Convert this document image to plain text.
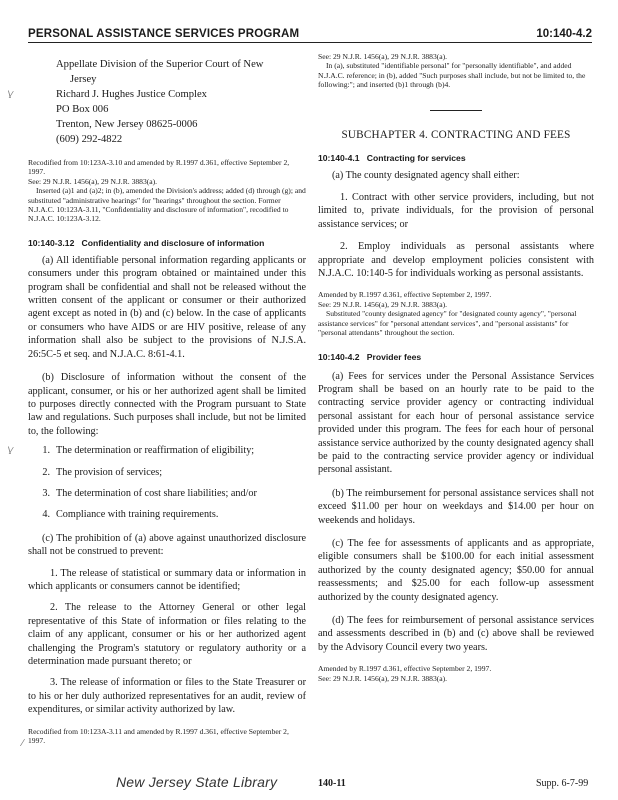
PERSONAL ASSISTANCE SERVICES PROGRAM	10:140-4.2

Appellate Division of the Superior Court of New

Jersey

Richard J. Hughes Justice Complex

PO Box 006

Trenton, New Jersey 08625-0006

(609) 292-4822

Recodified from 10:123A-3.10 and amended by R.1997 d.361, effective September 2, 1997.

See: 29 N.J.R. 1456(a), 29 N.J.R. 3883(a).

Inserted (a)1 and (a)2; in (b), amended the Division's address; added (d) through (g); and substituted "administrative hearings" for "hearings" throughout the section. Former N.J.A.C. 10:123A-3.11, "Confidentiality and disclosure of information", recodified to N.J.A.C. 10:123A-3.12.

10:140-3.12 Confidentiality and disclosure of information

(a) All identifiable personal information regarding applicants or consumers under this program obtained or maintained under this program shall be confidential and shall not be released without the written consent of the applicant or consumer or their authorized agent except as noted in (b) and (c) below. In the case of applicants or consumers who have AIDS or are HIV positive, release of any information shall also be subject to the provisions of N.J.S.A. 26:5C-5 et seq. and N.J.A.C. 8:61-4.1.

(b) Disclosure of information without the consent of the applicant, consumer, or his or her authorized agent shall be limited to purposes directly connected with the Program pursuant to State law and regulations. Such purposes shall include, but not be limited to, the following:

1. The determination or reaffirmation of eligibility;
2. The provision of services;
3. The determination of cost share liabilities; and/or
4. Compliance with training requirements.

(c) The prohibition of (a) above against unauthorized disclosure shall not be construed to prevent:

1. The release of statistical or summary data or information in which applicants or consumers cannot be identified;

2. The release to the Attorney General or other legal representative of this State of information or files relating to the claim of any applicant, consumer or his or her authorized agent challenging the Program's statutory or regulatory authority or a determination made pursuant thereto; or

3. The release of information or files to the State Treasurer or to his or her duly authorized representatives for an audit, review of expenditures, or similar activity authorized by law.

Recodified from 10:123A-3.11 and amended by R.1997 d.361, effective September 2, 1997.

See: 29 N.J.R. 1456(a), 29 N.J.R. 3883(a).

In (a), substituted "identifiable personal" for "personally identifiable", and added N.J.A.C. reference; in (b), added "Such purposes shall include, but not be limited to, the following:"; and inserted (b)1 through (b)4.

SUBCHAPTER 4. CONTRACTING AND FEES

10:140-4.1 Contracting for services

(a) The county designated agency shall either:

1. Contract with other service providers, including, but not limited to, private individuals, for the provision of personal assistance services; or

2. Employ individuals as personal assistants where appropriate and develop employment policies consistent with N.J.A.C. 10:140-5 for individuals working as personal assistants.

Amended by R.1997 d.361, effective September 2, 1997.

See: 29 N.J.R. 1456(a), 29 N.J.R. 3883(a).

Substituted "county designated agency" for "designated county agency", "personal assistance services" for "personal attendant services", and "personal assistants" for "personal attendants" throughout the section.

10:140-4.2 Provider fees

(a) Fees for services under the Personal Assistance Services Program shall be based on an hourly rate to be paid to the contracting service provider agency or contracting individual personal assistant for each hour of personal assistance service provided under this program. The fees for each hour of personal assistance service authorized by the county designated agency shall be paid to the contracting service provider agency or individual personal assistant.

(b) The reimbursement for personal assistance services shall not exceed $11.00 per hour on weekdays and $14.00 per hour on weekends and holidays.

(c) The fee for assessments of applicants and as appropriate, eligible consumers shall be $100.00 for each initial assessment authorized by the county designated agency; $50.00 for annual reassessments; and $25.00 for each follow-up assessment authorized by the county designated agency.

(d) The fees for reimbursement of personal assistance services and assessments described in (b) and (c) above shall be reviewed by the Advisory Council every two years.

Amended by R.1997 d.361, effective September 2, 1997.

See: 29 N.J.R. 1456(a), 29 N.J.R. 3883(a).

\∕
\∕
∕
New Jersey State Library	140-11	Supp. 6-7-99
